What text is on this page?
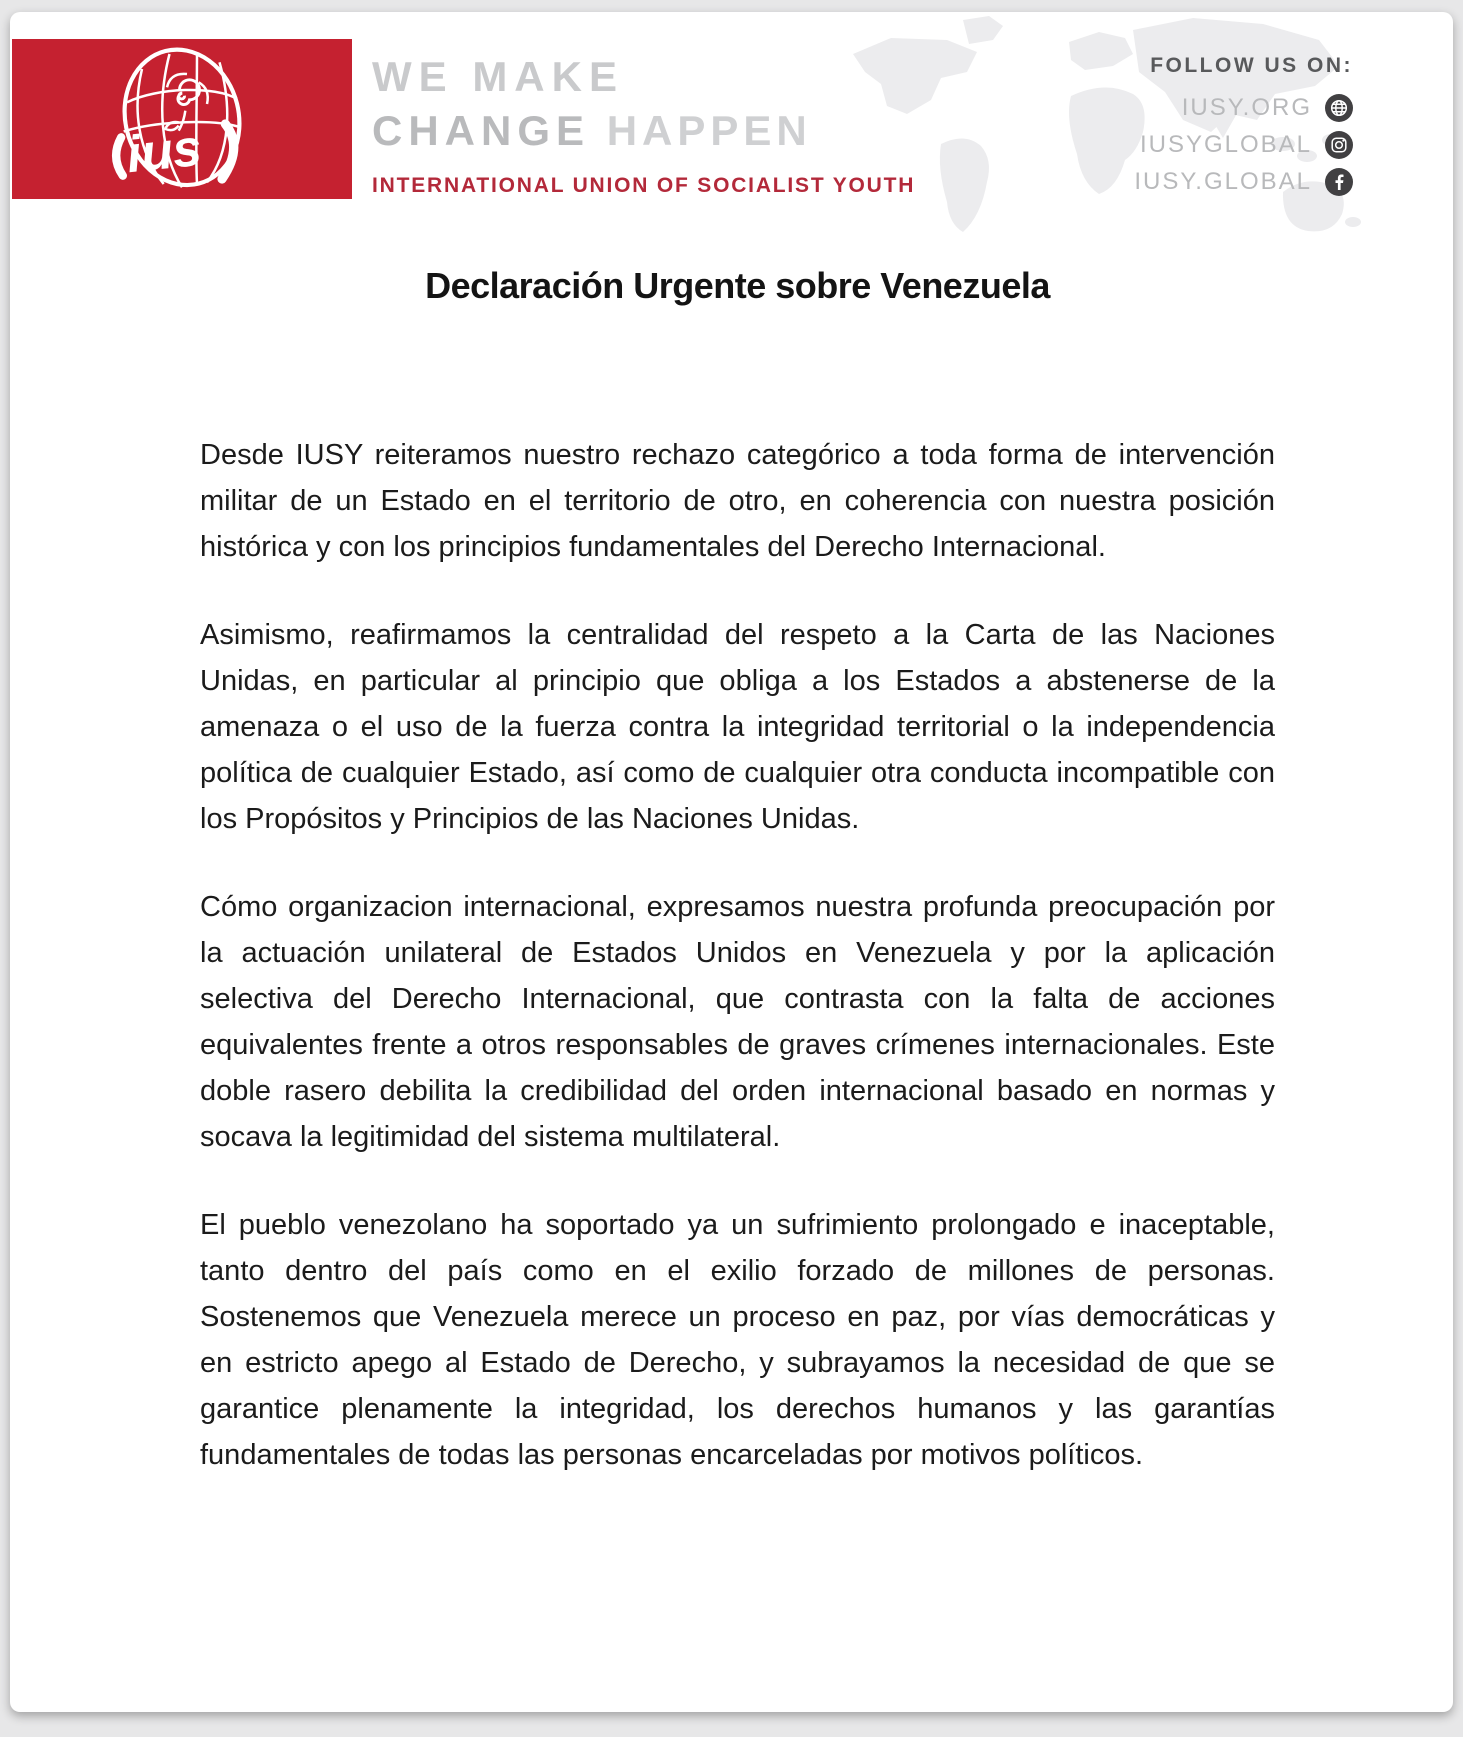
ius
WE MAKE
CHANGE HAPPEN
INTERNATIONAL UNION OF SOCIALIST YOUTH
FOLLOW US ON:
IUSY.ORG
IUSYGLOBAL
IUSY.GLOBAL
Declaración Urgente sobre Venezuela

Desde IUSY reiteramos nuestro rechazo categórico a toda forma de intervención militar de un Estado en el territorio de otro, en coherencia con nuestra posición histórica y con los principios fundamentales del Derecho Internacional.

Asimismo, reafirmamos la centralidad del respeto a la Carta de las Naciones Unidas, en particular al principio que obliga a los Estados a abstenerse de la amenaza o el uso de la fuerza contra la integridad territorial o la independencia política de cualquier Estado, así como de cualquier otra conducta incompatible con los Propósitos y Principios de las Naciones Unidas.

Cómo organizacion internacional, expresamos nuestra profunda preocupación por la actuación unilateral de Estados Unidos en Venezuela y por la aplicación selectiva del Derecho Internacional, que contrasta con la falta de acciones equivalentes frente a otros responsables de graves crímenes internacionales. Este doble rasero debilita la credibilidad del orden internacional basado en normas y socava la legitimidad del sistema multilateral.

El pueblo venezolano ha soportado ya un sufrimiento prolongado e inaceptable, tanto dentro del país como en el exilio forzado de millones de personas. Sostenemos que Venezuela merece un proceso en paz, por vías democráticas y en estricto apego al Estado de Derecho, y subrayamos la necesidad de que se garantice plenamente la integridad, los derechos humanos y las garantías fundamentales de todas las personas encarceladas por motivos políticos.
